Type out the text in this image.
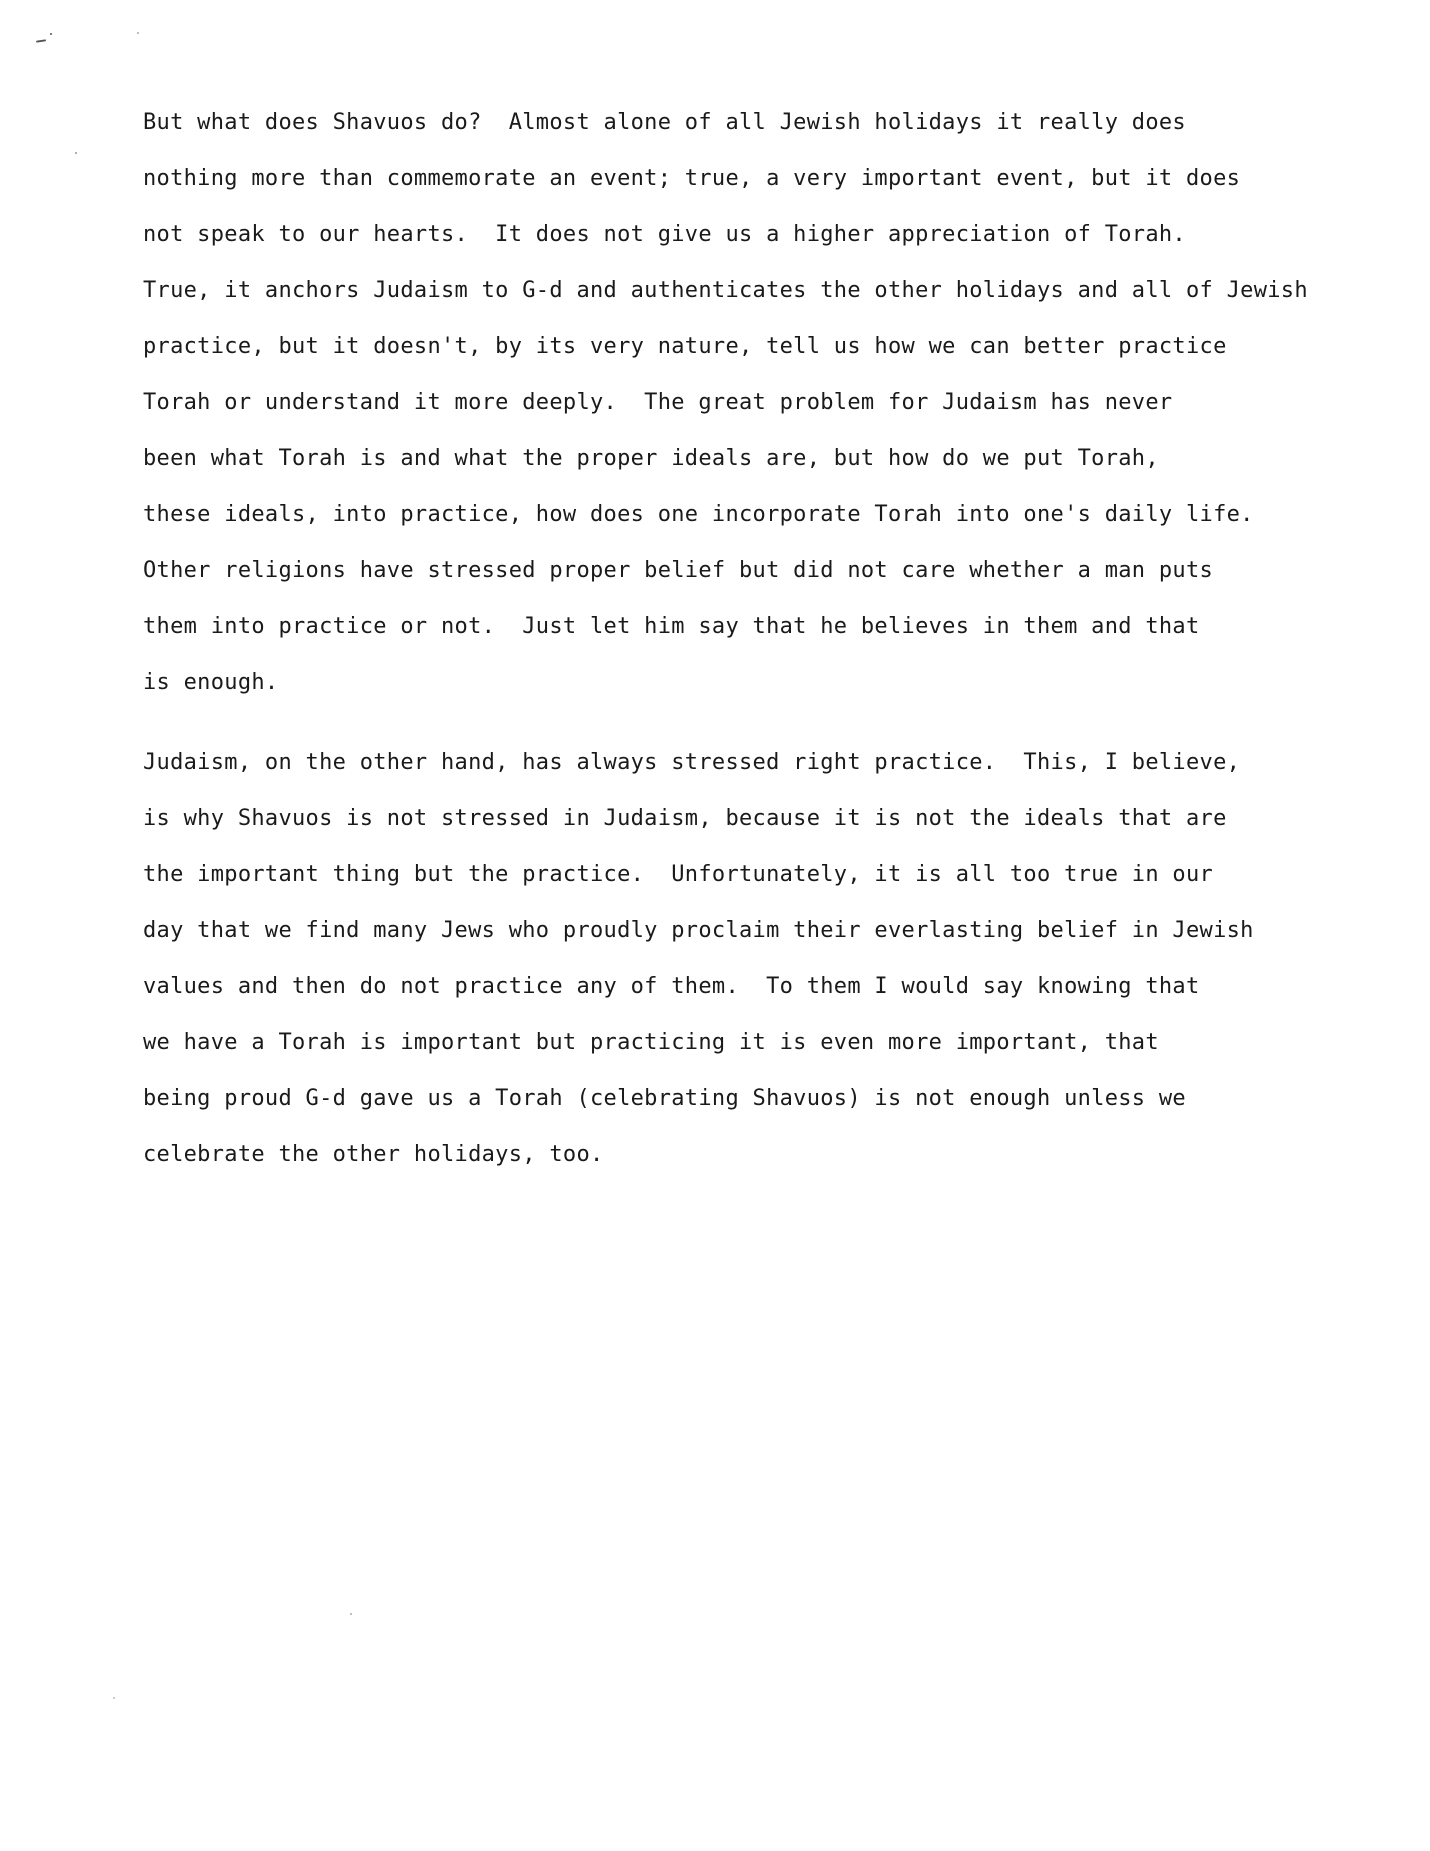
But what does Shavuos do?  Almost alone of all Jewish holidays it really does
nothing more than commemorate an event; true, a very important event, but it does
not speak to our hearts.  It does not give us a higher appreciation of Torah.
True, it anchors Judaism to G-d and authenticates the other holidays and all of Jewish
practice, but it doesn't, by its very nature, tell us how we can better practice
Torah or understand it more deeply.  The great problem for Judaism has never
been what Torah is and what the proper ideals are, but how do we put Torah,
these ideals, into practice, how does one incorporate Torah into one's daily life.
Other religions have stressed proper belief but did not care whether a man puts
them into practice or not.  Just let him say that he believes in them and that
is enough.
Judaism, on the other hand, has always stressed right practice.  This, I believe,
is why Shavuos is not stressed in Judaism, because it is not the ideals that are
the important thing but the practice.  Unfortunately, it is all too true in our
day that we find many Jews who proudly proclaim their everlasting belief in Jewish
values and then do not practice any of them.  To them I would say knowing that
we have a Torah is important but practicing it is even more important, that
being proud G-d gave us a Torah (celebrating Shavuos) is not enough unless we
celebrate the other holidays, too.
